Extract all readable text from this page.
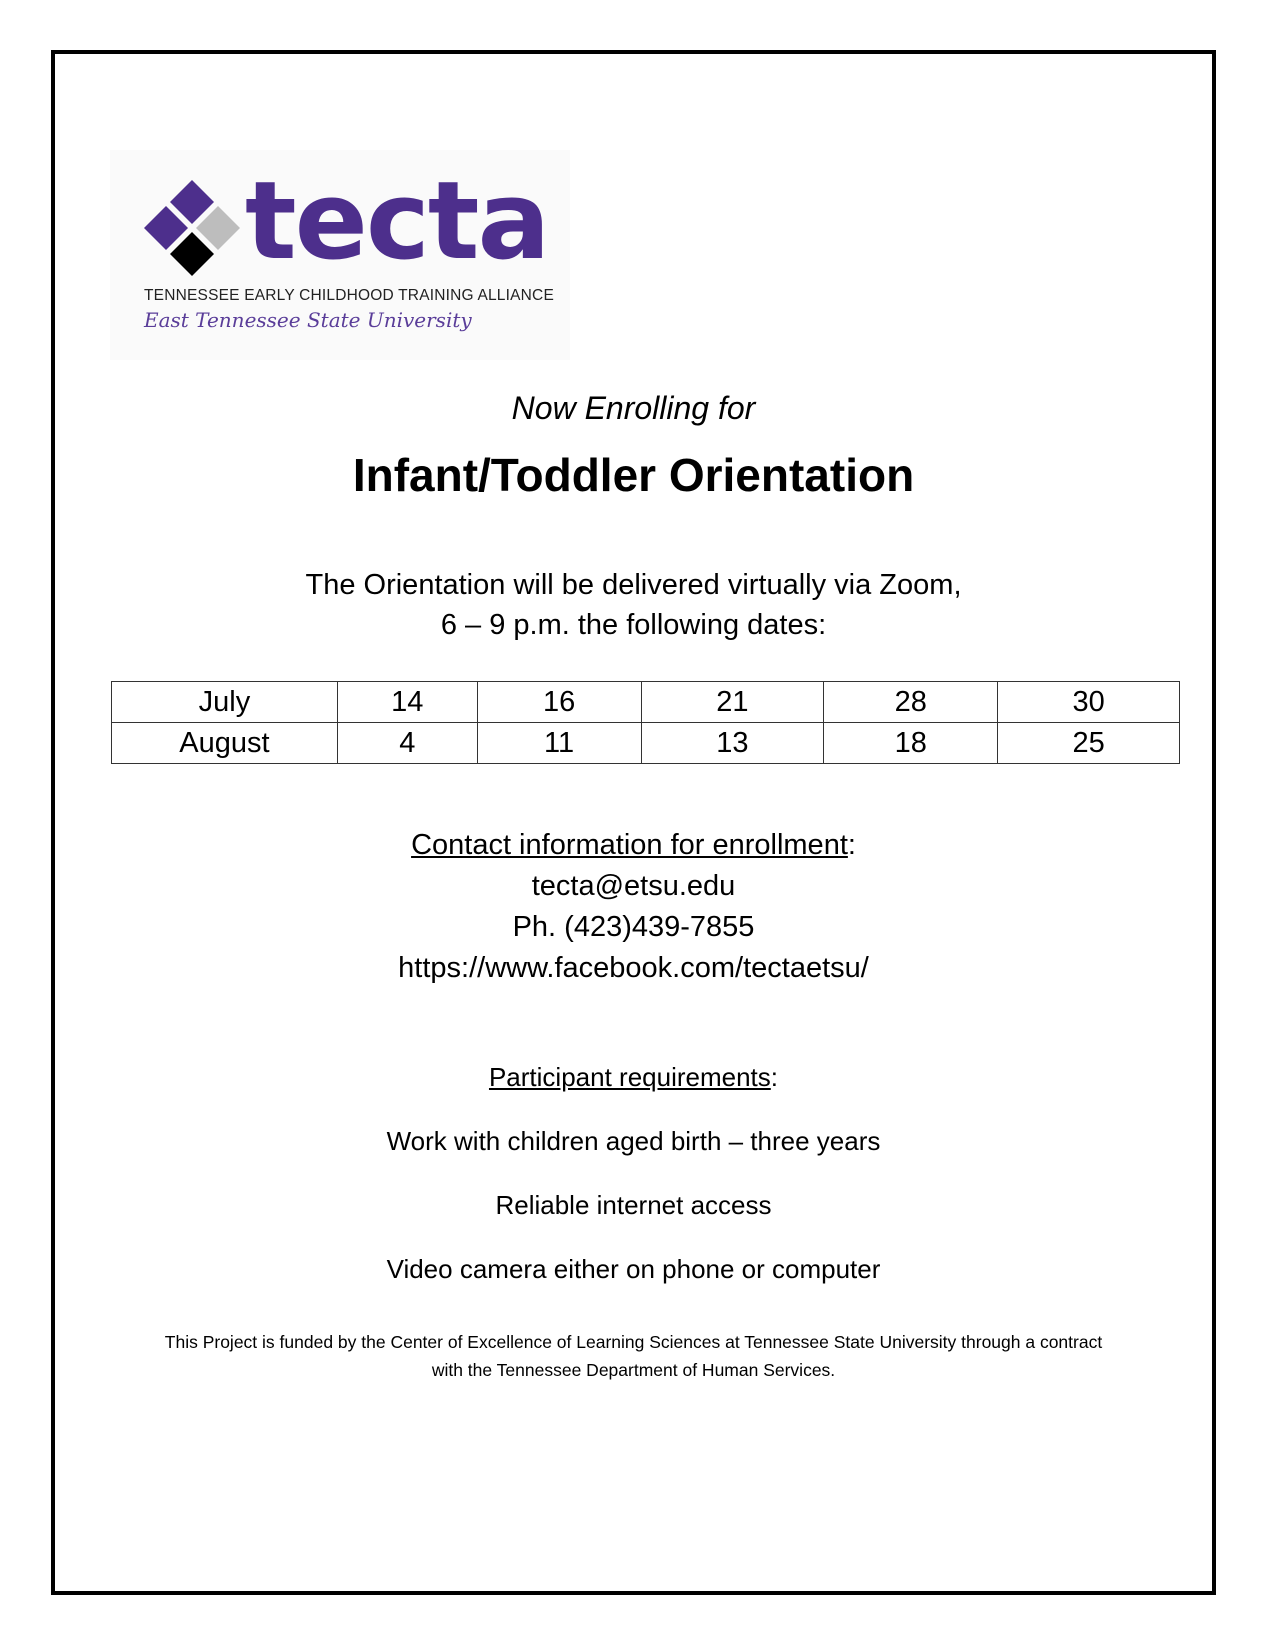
tecta
TENNESSEE EARLY CHILDHOOD TRAINING ALLIANCE
East Tennessee State University
Now Enrolling for
Infant/Toddler Orientation
The Orientation will be delivered virtually via Zoom,
6 – 9 p.m. the following dates:
July	14	16	21	28	30
August	4	11	13	18	25
Contact information for enrollment:
tecta@etsu.edu
Ph. (423)439-7855
https://www.facebook.com/tectaetsu/
Participant requirements:
Work with children aged birth – three years
Reliable internet access
Video camera either on phone or computer
This Project is funded by the Center of Excellence of Learning Sciences at Tennessee State University through a contract
with the Tennessee Department of Human Services.
